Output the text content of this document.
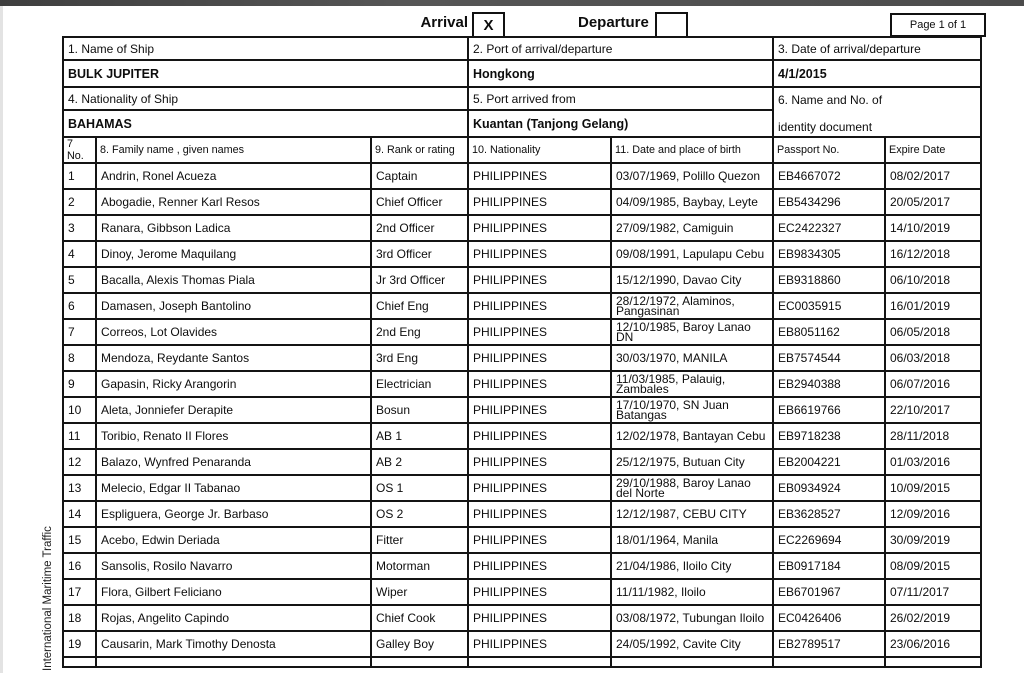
International Maritime Traffic
Arrival	X	Departure	Page 1 of 1
1. Name of Ship			2. Port of arrival/departure		3. Date of arrival/departure	
BULK JUPITER			Hongkong		4/1/2015	
4. Nationality of Ship			5. Port arrived from		6. Name and No. of
identity document	

BAHAMAS			Kuantan (Tanjong Gelang)			
7 No.	8. Family name , given names	9. Rank or rating	10. Nationality	11. Date and place of birth	Passport No.	Expire Date
1	Andrin, Ronel Acueza	Captain	PHILIPPINES	03/07/1969, Polillo Quezon	EB4667072	08/02/2017
2	Abogadie, Renner Karl Resos	Chief Officer	PHILIPPINES	04/09/1985, Baybay, Leyte	EB5434296	20/05/2017
3	Ranara, Gibbson Ladica	2nd Officer	PHILIPPINES	27/09/1982, Camiguin	EC2422327	14/10/2019
4	Dinoy, Jerome Maquilang	3rd Officer	PHILIPPINES	09/08/1991, Lapulapu Cebu	EB9834305	16/12/2018
5	Bacalla, Alexis Thomas Piala	Jr 3rd Officer	PHILIPPINES	15/12/1990, Davao City	EB9318860	06/10/2018
6	Damasen, Joseph Bantolino	Chief Eng	PHILIPPINES	28/12/1972, Alaminos, Pangasinan	EC0035915	16/01/2019
7	Correos, Lot Olavides	2nd Eng	PHILIPPINES	12/10/1985, Baroy Lanao DN	EB8051162	06/05/2018
8	Mendoza, Reydante Santos	3rd Eng	PHILIPPINES	30/03/1970, MANILA	EB7574544	06/03/2018
9	Gapasin, Ricky Arangorin	Electrician	PHILIPPINES	11/03/1985, Palauig, Zambales	EB2940388	06/07/2016
10	Aleta, Jonniefer Derapite	Bosun	PHILIPPINES	17/10/1970, SN Juan Batangas	EB6619766	22/10/2017
11	Toribio, Renato II Flores	AB 1	PHILIPPINES	12/02/1978, Bantayan Cebu	EB9718238	28/11/2018
12	Balazo, Wynfred Penaranda	AB 2	PHILIPPINES	25/12/1975, Butuan City	EB2004221	01/03/2016
13	Melecio, Edgar II Tabanao	OS 1	PHILIPPINES	29/10/1988, Baroy Lanao del Norte	EB0934924	10/09/2015
14	Espliguera, George Jr. Barbaso	OS 2	PHILIPPINES	12/12/1987, CEBU CITY	EB3628527	12/09/2016
15	Acebo, Edwin Deriada	Fitter	PHILIPPINES	18/01/1964, Manila	EC2269694	30/09/2019
16	Sansolis, Rosilo Navarro	Motorman	PHILIPPINES	21/04/1986, Iloilo City	EB0917184	08/09/2015
17	Flora, Gilbert Feliciano	Wiper	PHILIPPINES	11/11/1982, Iloilo	EB6701967	07/11/2017
18	Rojas, Angelito Capindo	Chief Cook	PHILIPPINES	03/08/1972, Tubungan Iloilo	EC0426406	26/02/2019
19	Causarin, Mark Timothy Denosta	Galley Boy	PHILIPPINES	24/05/1992, Cavite City	EB2789517	23/06/2016
